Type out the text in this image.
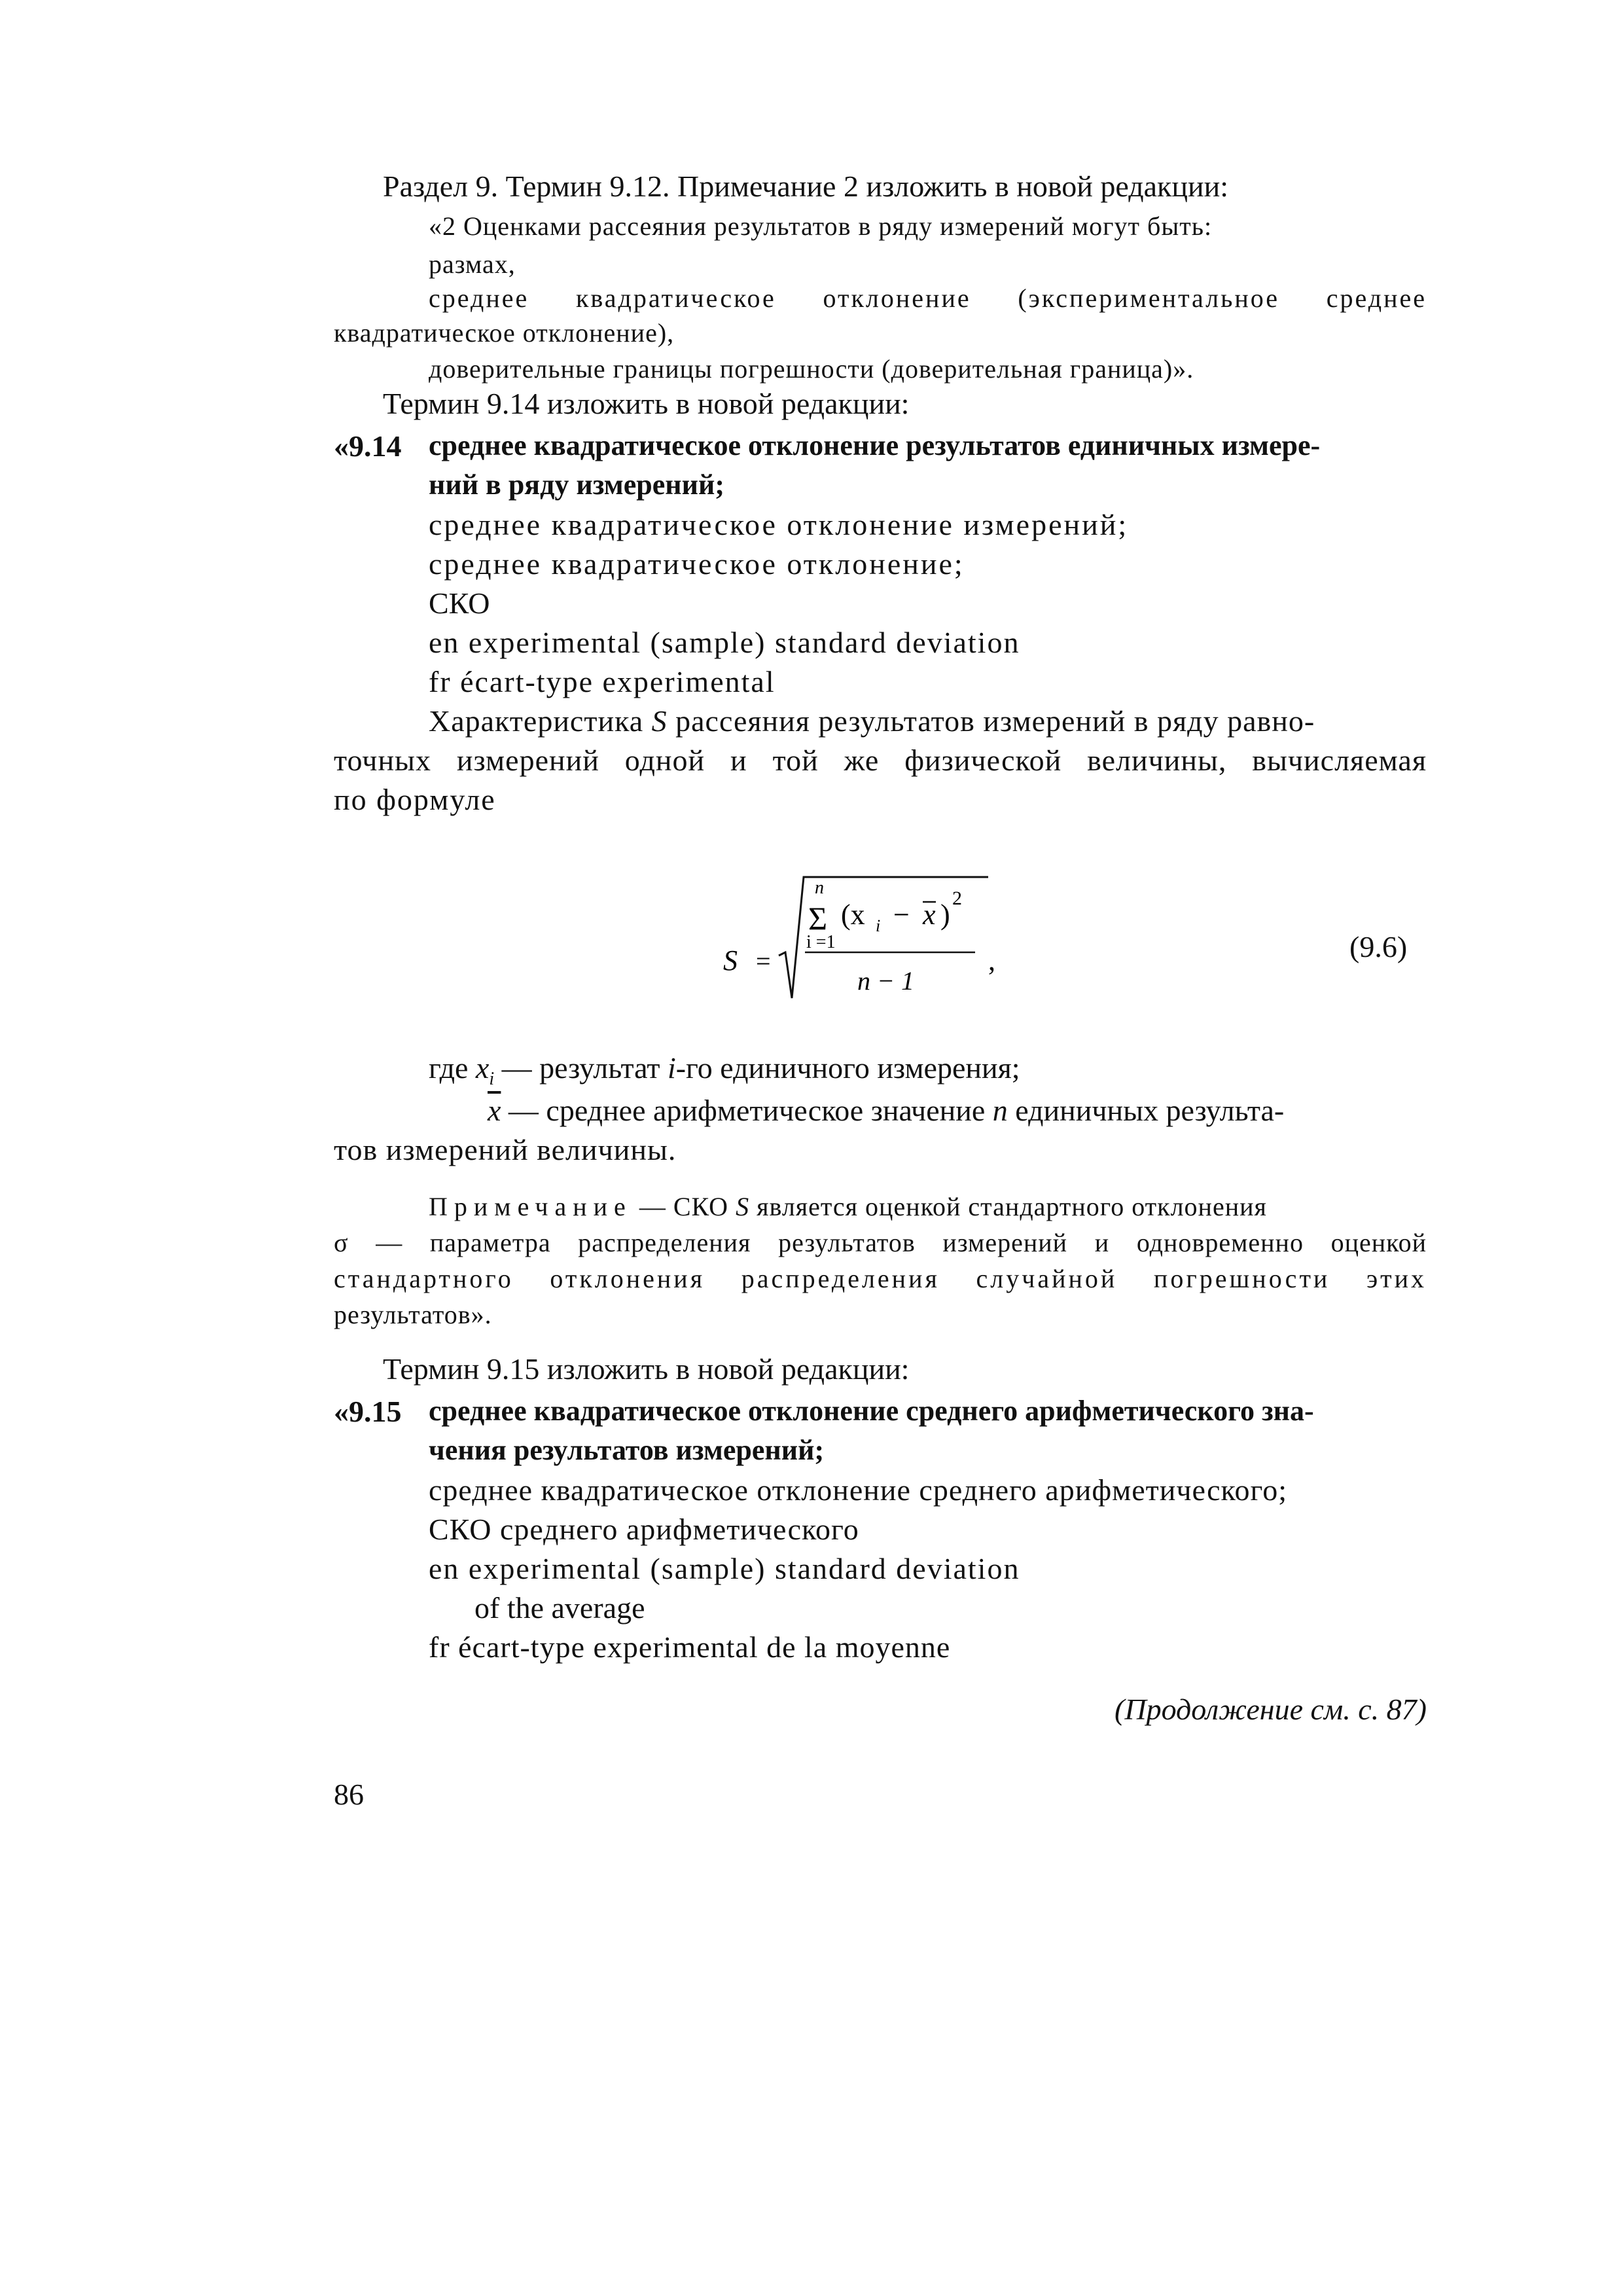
Раздел 9. Термин 9.12. Примечание 2 изложить в новой редакции:
«2 Оценками рассеяния результатов в ряду измерений могут быть:
размах,
среднее квадратическое отклонение (экспериментальное среднее
квадратическое отклонение),
доверительные границы погрешности (доверительная граница)».
Термин 9.14 изложить в новой редакции:
«9.14 среднее квадратическое отклонение результатов единичных измере-
ний в ряду измерений;
среднее квадратическое отклонение измерений;
среднее квадратическое отклонение;
СКО
en experimental (sample) standard deviation
fr écart-type experimental
Характеристика S рассеяния результатов измерений в ряду равно-
точных измерений одной и той же физической величины, вычисляемая
по формуле
S =
n
Σ
i =1
(x i − x )
2
n − 1
,	(9.6)
где $x_i$ — результат i-го единичного измерения;
$\overline{x}$ — среднее арифметическое значение n единичных результа-
тов измерений величины.
Примечание — СКО S является оценкой стандартного отклонения
σ — параметра распределения результатов измерений и одновременно оценкой
стандартного отклонения распределения случайной погрешности этих
результатов».
Термин 9.15 изложить в новой редакции:
«9.15 среднее квадратическое отклонение среднего арифметического зна-
чения результатов измерений;
среднее квадратическое отклонение среднего арифметического;
СКО среднего арифметического
en experimental (sample) standard deviation
of the average
fr écart-type experimental de la moyenne
(Продолжение см. с. 87)
86
